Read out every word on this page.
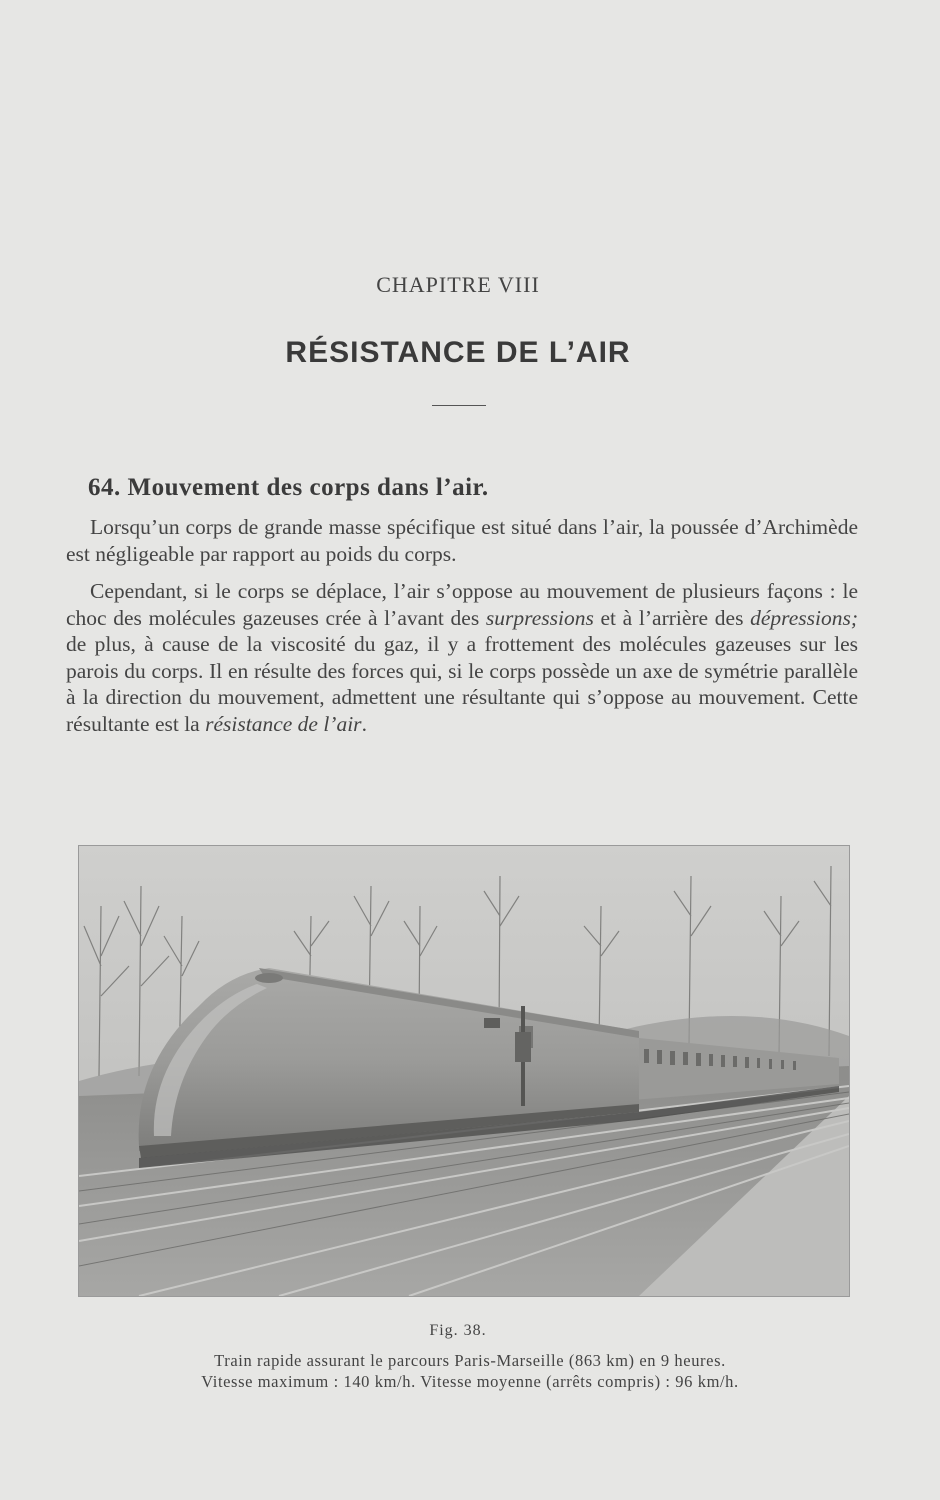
CHAPITRE VIII
RÉSISTANCE DE L’AIR
64. Mouvement des corps dans l’air.
Lorsqu’un corps de grande masse spécifique est situé dans l’air, la poussée d’Archimède est négligeable par rapport au poids du corps.
Cependant, si le corps se déplace, l’air s’oppose au mouvement de plusieurs façons : le choc des molécules gazeuses crée à l’avant des surpressions et à l’arrière des dépressions; de plus, à cause de la viscosité du gaz, il y a frottement des molécules gazeuses sur les parois du corps. Il en résulte des forces qui, si le corps possède un axe de symétrie parallèle à la direction du mouvement, admettent une résultante qui s’oppose au mouvement. Cette résultante est la résistance de l’air.
Fig. 38.
Train rapide assurant le parcours Paris-Marseille (863 km) en 9 heures.
Vitesse maximum : 140 km/h. Vitesse moyenne (arrêts compris) : 96 km/h.
